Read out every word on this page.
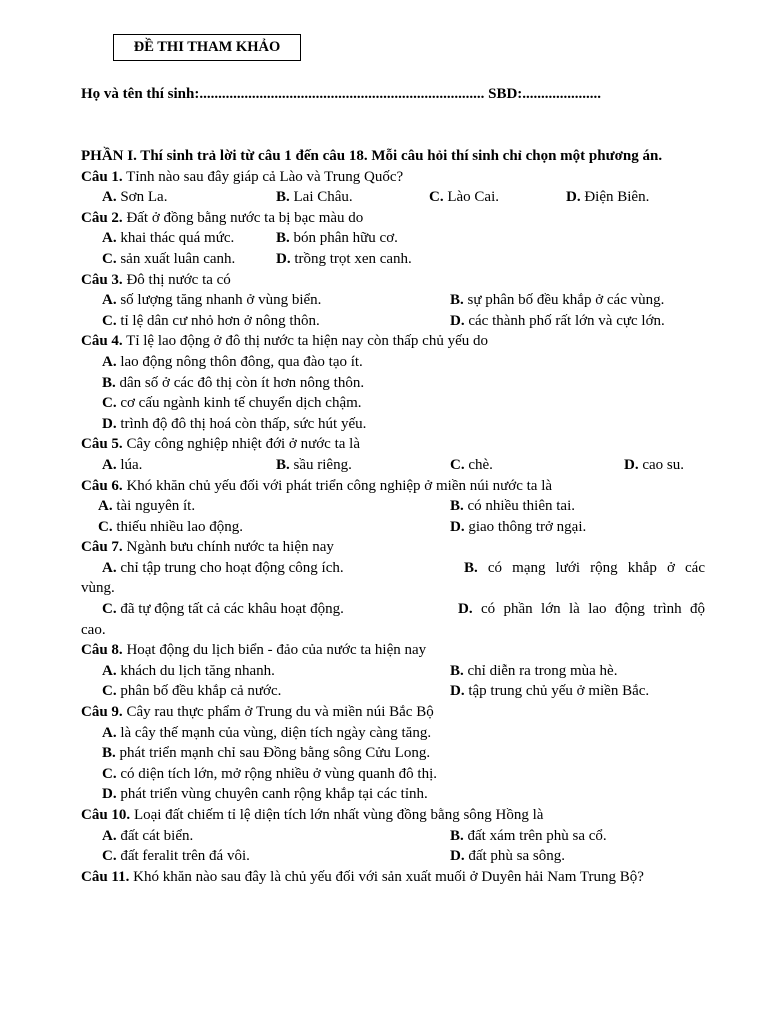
ĐỀ THI THAM KHẢO
Họ và tên thí sinh:............................................................................ SBD:.....................
PHẦN I. Thí sinh trả lời từ câu 1 đến câu 18. Mỗi câu hỏi thí sinh chỉ chọn một phương án.
Câu 1. Tỉnh nào sau đây giáp cả Lào và Trung Quốc?
A. Sơn La.	B. Lai Châu.	C. Lào Cai.	D. Điện Biên.
Câu 2. Đất ở đồng bằng nước ta bị bạc màu do
A. khai thác quá mức.	B. bón phân hữu cơ.
C. sản xuất luân canh.	D. trồng trọt xen canh.
Câu 3. Đô thị nước ta có
A. số lượng tăng nhanh ở vùng biển.	B. sự phân bố đều khắp ở các vùng.
C. tỉ lệ dân cư nhỏ hơn ở nông thôn.	D. các thành phố rất lớn và cực lớn.
Câu 4. Tỉ lệ lao động ở đô thị nước ta hiện nay còn thấp chủ yếu do
A. lao động nông thôn đông, qua đào tạo ít.
B. dân số ở các đô thị còn ít hơn nông thôn.
C. cơ cấu ngành kinh tế chuyển dịch chậm.
D. trình độ đô thị hoá còn thấp, sức hút yếu.
Câu 5. Cây công nghiệp nhiệt đới ở nước ta là
A. lúa.	B. sầu riêng.	C. chè.	D. cao su.
Câu 6. Khó khăn chủ yếu đối với phát triển công nghiệp ở miền núi nước ta là
A. tài nguyên ít.	B. có nhiều thiên tai.
C. thiếu nhiều lao động.	D. giao thông trở ngại.
Câu 7. Ngành bưu chính nước ta hiện nay
A. chỉ tập trung cho hoạt động công ích.	B. có mạng lưới rộng khắp ở các vùng.
C. đã tự động tất cả các khâu hoạt động.	D. có phần lớn là lao động trình độ cao.
Câu 8. Hoạt động du lịch biển - đảo của nước ta hiện nay
A. khách du lịch tăng nhanh.	B. chỉ diễn ra trong mùa hè.
C. phân bố đều khắp cả nước.	D. tập trung chủ yếu ở miền Bắc.
Câu 9. Cây rau thực phẩm ở Trung du và miền núi Bắc Bộ
A. là cây thế mạnh của vùng, diện tích ngày càng tăng.
B. phát triển mạnh chỉ sau Đồng bằng sông Cửu Long.
C. có diện tích lớn, mở rộng nhiều ở vùng quanh đô thị.
D. phát triển vùng chuyên canh rộng khắp tại các tỉnh.
Câu 10. Loại đất chiếm tỉ lệ diện tích lớn nhất vùng đồng bằng sông Hồng là
A. đất cát biển.	B. đất xám trên phù sa cổ.
C. đất feralit trên đá vôi.	D. đất phù sa sông.
Câu 11. Khó khăn nào sau đây là chủ yếu đối với sản xuất muối ở Duyên hải Nam Trung Bộ?
